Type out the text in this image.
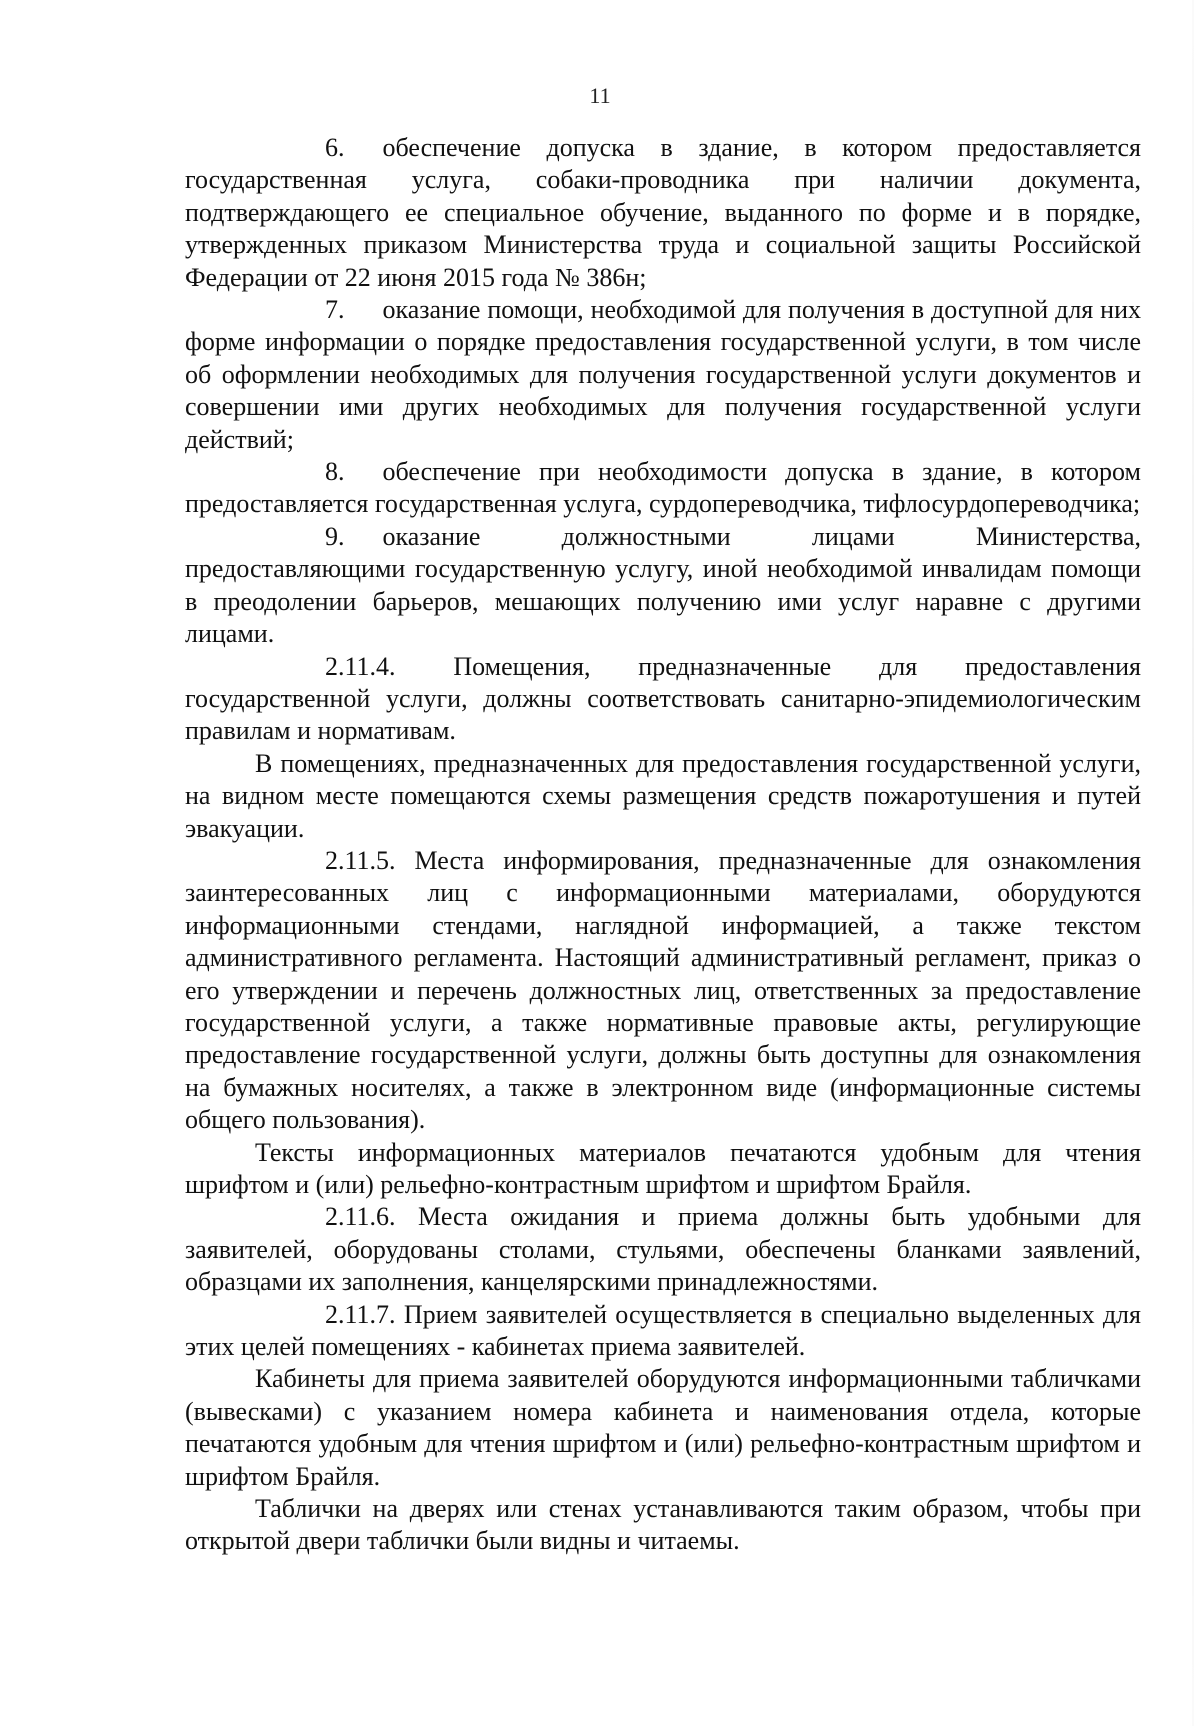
11

6. обеспечение допуска в здание, в котором предоставляется государственная услуга, собаки-проводника при наличии документа, подтверждающего ее специальное обучение, выданного по форме и в порядке, утвержденных приказом Министерства труда и социальной защиты Российской Федерации от 22 июня 2015 года № 386н;

7. оказание помощи, необходимой для получения в доступной для них форме информации о порядке предоставления государственной услуги, в том числе об оформлении необходимых для получения государственной услуги документов и совершении ими других необходимых для получения государственной услуги действий;

8. обеспечение при необходимости допуска в здание, в котором предоставляется государственная услуга, сурдопереводчика, тифлосурдопереводчика;

9. оказание должностными лицами Министерства, предоставляющими государственную услугу, иной необходимой инвалидам помощи в преодолении барьеров, мешающих получению ими услуг наравне с другими лицами.

2.11.4. Помещения, предназначенные для предоставления государственной услуги, должны соответствовать санитарно-эпидемиологическим правилам и нормативам.

В помещениях, предназначенных для предоставления государственной услуги, на видном месте помещаются схемы размещения средств пожаротушения и путей эвакуации.

2.11.5. Места информирования, предназначенные для ознакомления заинтересованных лиц с информационными материалами, оборудуются информационными стендами, наглядной информацией, а также текстом административного регламента. Настоящий административный регламент, приказ о его утверждении и перечень должностных лиц, ответственных за предоставление государственной услуги, а также нормативные правовые акты, регулирующие предоставление государственной услуги, должны быть доступны для ознакомления на бумажных носителях, а также в электронном виде (информационные системы общего пользования).

Тексты информационных материалов печатаются удобным для чтения шрифтом и (или) рельефно-контрастным шрифтом и шрифтом Брайля.

2.11.6. Места ожидания и приема должны быть удобными для заявителей, оборудованы столами, стульями, обеспечены бланками заявлений, образцами их заполнения, канцелярскими принадлежностями.

2.11.7. Прием заявителей осуществляется в специально выделенных для этих целей помещениях - кабинетах приема заявителей.

Кабинеты для приема заявителей оборудуются информационными табличками (вывесками) с указанием номера кабинета и наименования отдела, которые печатаются удобным для чтения шрифтом и (или) рельефно-контрастным шрифтом и шрифтом Брайля.

Таблички на дверях или стенах устанавливаются таким образом, чтобы при открытой двери таблички были видны и читаемы.
